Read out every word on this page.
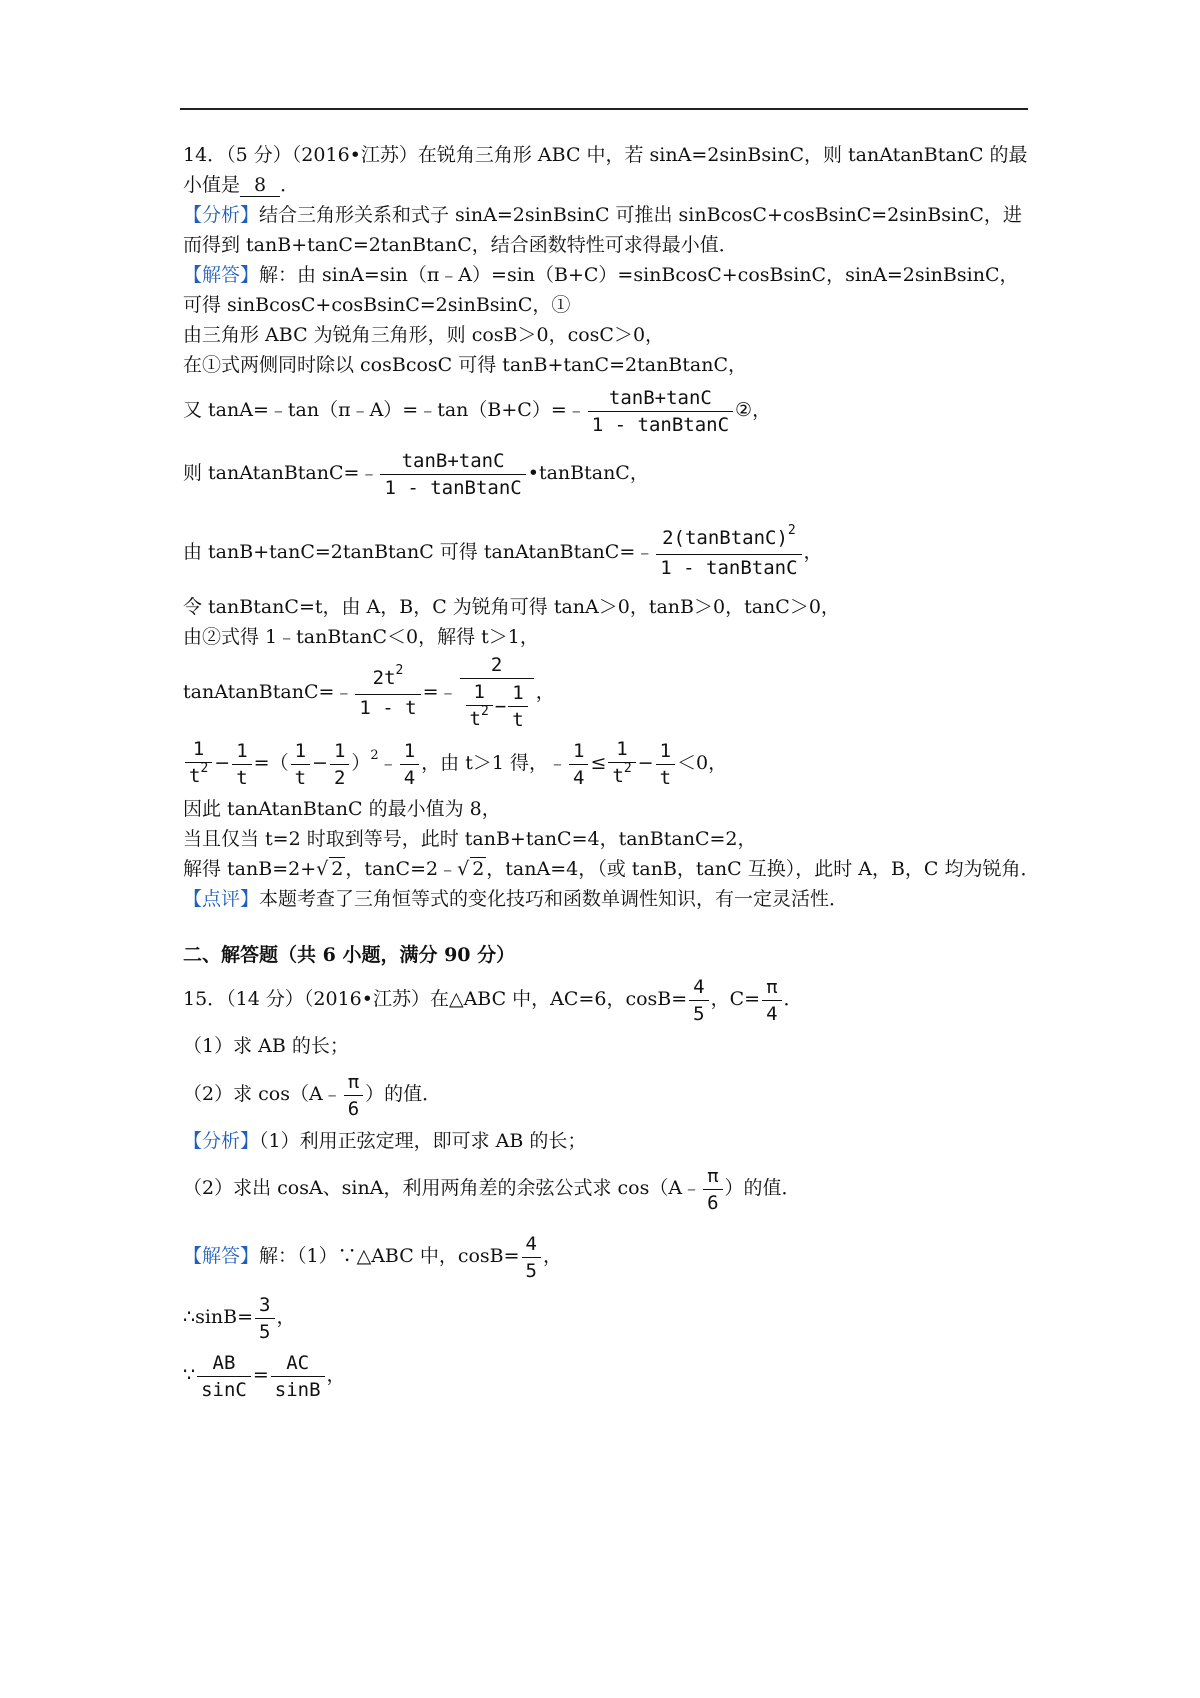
14．（5 分）（2016•江苏）在锐角三角形 ABC 中，若 sinA=2sinBsinC，则 tanAtanBtanC 的最
小值是 8 ．
【分析】结合三角形关系和式子 sinA=2sinBsinC 可推出 sinBcosC+cosBsinC=2sinBsinC，进
而得到 tanB+tanC=2tanBtanC，结合函数特性可求得最小值．
【解答】解：由 sinA=sin（π﹣A）=sin（B+C）=sinBcosC+cosBsinC，sinA=2sinBsinC，
可得 sinBcosC+cosBsinC=2sinBsinC，①
由三角形 ABC 为锐角三角形，则 cosB＞0，cosC＞0，
在①式两侧同时除以 cosBcosC 可得 tanB+tanC=2tanBtanC，
又 tanA=﹣tan（π﹣A）=﹣tan（B+C）=﹣ $\frac{\tan B+\tan C}{\text{1 - tanBtanC}}$ ②，
则 tanAtanBtanC=﹣ $\frac{\tan B+\tan C}{\text{1 - tanBtanC}}$ •tanBtanC，
由 tanB+tanC=2tanBtanC 可得 tanAtanBtanC=﹣ $\frac{2(tanBtanC)^2}{\text{1 - tanBtanC}}$ ，
令 tanBtanC=t，由 A，B，C 为锐角可得 tanA＞0，tanB＞0，tanC＞0，
由②式得 1﹣tanBtanC＜0，解得 t＞1，
tanAtanBtanC=﹣ $\frac{2t^2}{1 - t}$ =﹣ $\frac{2}{\frac{1}{t^2} - \frac{1}{t}}$ ，
$\frac{1}{t^2} - \frac{1}{t}$ =（ $\frac{1}{t} - \frac{1}{2}$ ）$^2$﹣ $\frac{1}{4}$ ，由 t＞1 得，﹣ $\frac{1}{4} \le \frac{1}{t^2} - \frac{1}{t} <0$，
因此 tanAtanBtanC 的最小值为 8，
当且仅当 t=2 时取到等号，此时 tanB+tanC=4，tanBtanC=2，
解得 tanB=2+√ 2 ，tanC=2﹣√ 2 ，tanA=4，（或 tanB，tanC 互换），此时 A，B，C 均为锐角．
【点评】本题考查了三角恒等式的变化技巧和函数单调性知识，有一定灵活性．
二、解答题（共 6 小题，满分 90 分）
15．（14 分）（2016•江苏）在△ABC 中，AC=6，$\cos B= \frac{4}{5}$ ，$C= \frac{\pi}{4}$ ．
（1）求 AB 的长；
（2）求 cos（A﹣ $\frac{\pi}{6}$ ）的值．
【分析】（1）利用正弦定理，即可求 AB 的长；
（2）求出 cosA、sinA，利用两角差的余弦公式求 cos（A﹣ $\frac{\pi}{6}$ ）的值．
【解答】解：（1）∵△ABC 中，$\cos B= \frac{4}{5}$ ，
∴sinB= $\frac{3}{5}$ ，
∵ $\frac{AB}{\sin C} = \frac{AC}{\sin B}$ ，
